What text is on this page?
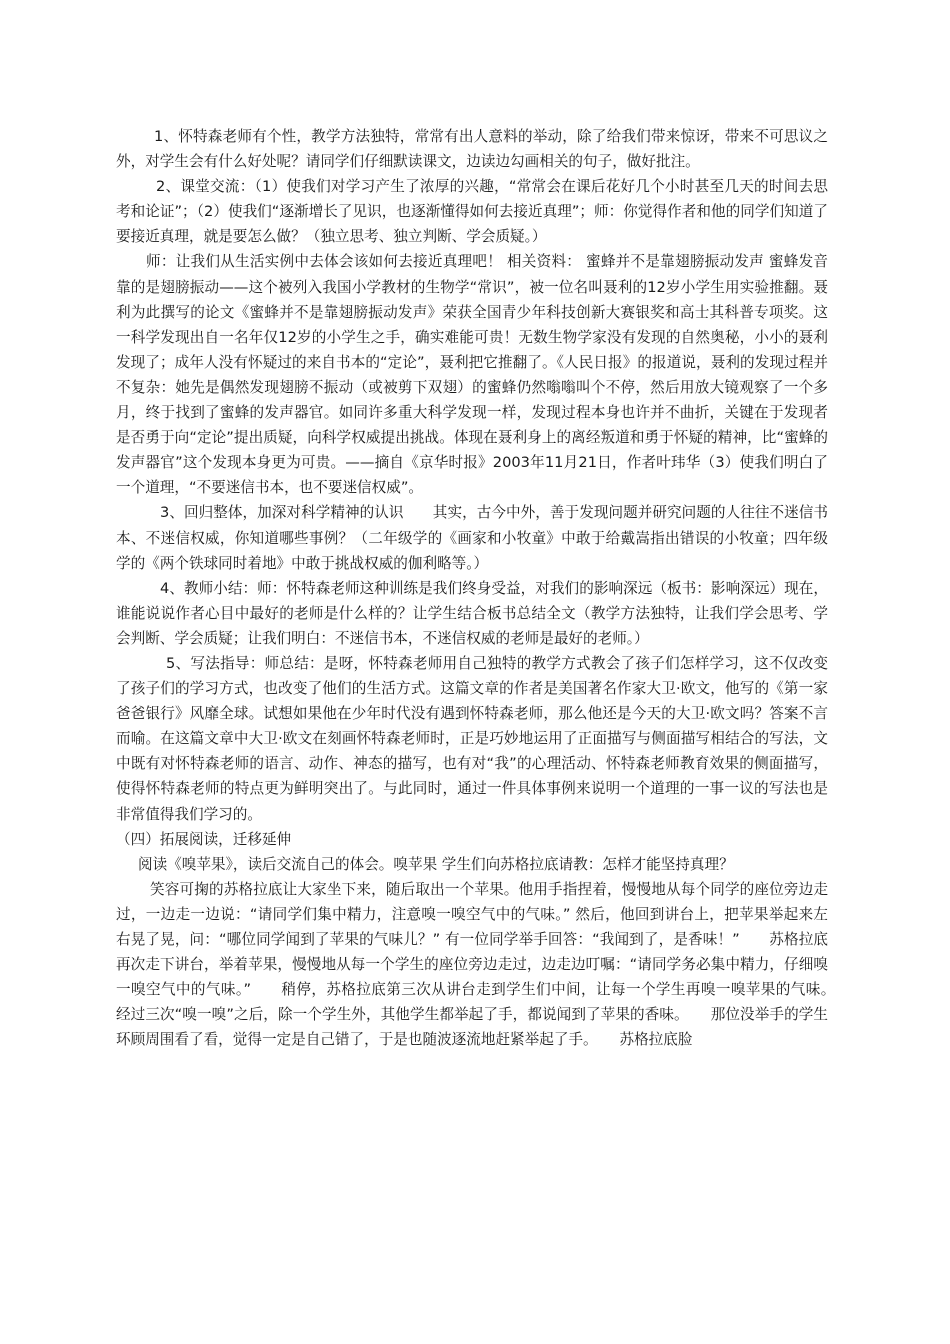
1、怀特森老师有个性，教学方法独特，常常有出人意料的举动，除了给我们带来惊讶，带来不可思议之外，对学生会有什么好处呢？请同学们仔细默读课文，边读边勾画相关的句子，做好批注。

2、课堂交流：（1）使我们对学习产生了浓厚的兴趣，“常常会在课后花好几个小时甚至几天的时间去思考和论证”；（2）使我们“逐渐增长了见识，也逐渐懂得如何去接近真理”；师：你觉得作者和他的同学们知道了要接近真理，就是要怎么做？（独立思考、独立判断、学会质疑。）

师：让我们从生活实例中去体会该如何去接近真理吧！ 相关资料： 蜜蜂并不是靠翅膀振动发声 蜜蜂发音靠的是翅膀振动——这个被列入我国小学教材的生物学“常识”，被一位名叫聂利的12岁小学生用实验推翻。聂利为此撰写的论文《蜜蜂并不是靠翅膀振动发声》荣获全国青少年科技创新大赛银奖和高士其科普专项奖。这一科学发现出自一名年仅12岁的小学生之手，确实难能可贵！无数生物学家没有发现的自然奥秘，小小的聂利发现了；成年人没有怀疑过的来自书本的“定论”，聂利把它推翻了。《人民日报》的报道说，聂利的发现过程并不复杂：她先是偶然发现翅膀不振动（或被剪下双翅）的蜜蜂仍然嗡嗡叫个不停，然后用放大镜观察了一个多月，终于找到了蜜蜂的发声器官。如同许多重大科学发现一样，发现过程本身也许并不曲折，关键在于发现者是否勇于向“定论”提出质疑，向科学权威提出挑战。体现在聂利身上的离经叛道和勇于怀疑的精神，比“蜜蜂的发声器官”这个发现本身更为可贵。——摘自《京华时报》2003年11月21日，作者叶玮华（3）使我们明白了一个道理，“不要迷信书本，也不要迷信权威”。

3、回归整体，加深对科学精神的认识　　其实，古今中外，善于发现问题并研究问题的人往往不迷信书本、不迷信权威，你知道哪些事例？（二年级学的《画家和小牧童》中敢于给戴嵩指出错误的小牧童；四年级学的《两个铁球同时着地》中敢于挑战权威的伽利略等。）

4、教师小结：师：怀特森老师这种训练是我们终身受益，对我们的影响深远（板书：影响深远）现在，谁能说说作者心目中最好的老师是什么样的？让学生结合板书总结全文（教学方法独特，让我们学会思考、学会判断、学会质疑；让我们明白：不迷信书本，不迷信权威的老师是最好的老师。）

5、写法指导：师总结：是呀，怀特森老师用自己独特的教学方式教会了孩子们怎样学习，这不仅改变了孩子们的学习方式，也改变了他们的生活方式。这篇文章的作者是美国著名作家大卫·欧文，他写的《第一家爸爸银行》风靡全球。试想如果他在少年时代没有遇到怀特森老师，那么他还是今天的大卫·欧文吗？答案不言而喻。在这篇文章中大卫·欧文在刻画怀特森老师时，正是巧妙地运用了正面描写与侧面描写相结合的写法，文中既有对怀特森老师的语言、动作、神态的描写，也有对“我”的心理活动、怀特森老师教育效果的侧面描写，使得怀特森老师的特点更为鲜明突出了。与此同时，通过一件具体事例来说明一个道理的一事一议的写法也是非常值得我们学习的。

（四）拓展阅读，迁移延伸

阅读《嗅苹果》，读后交流自己的体会。嗅苹果 学生们向苏格拉底请教：怎样才能坚持真理？

笑容可掬的苏格拉底让大家坐下来，随后取出一个苹果。他用手指捏着，慢慢地从每个同学的座位旁边走过，一边走一边说：“请同学们集中精力，注意嗅一嗅空气中的气味。” 然后，他回到讲台上，把苹果举起来左右晃了晃，问：“哪位同学闻到了苹果的气味儿？” 有一位同学举手回答：“我闻到了，是香味！”　　苏格拉底再次走下讲台，举着苹果，慢慢地从每一个学生的座位旁边走过，边走边叮嘱：“请同学务必集中精力，仔细嗅一嗅空气中的气味。”　　稍停，苏格拉底第三次从讲台走到学生们中间，让每一个学生再嗅一嗅苹果的气味。　　经过三次“嗅一嗅”之后，除一个学生外，其他学生都举起了手，都说闻到了苹果的香味。　　那位没举手的学生环顾周围看了看，觉得一定是自己错了，于是也随波逐流地赶紧举起了手。　　苏格拉底脸
